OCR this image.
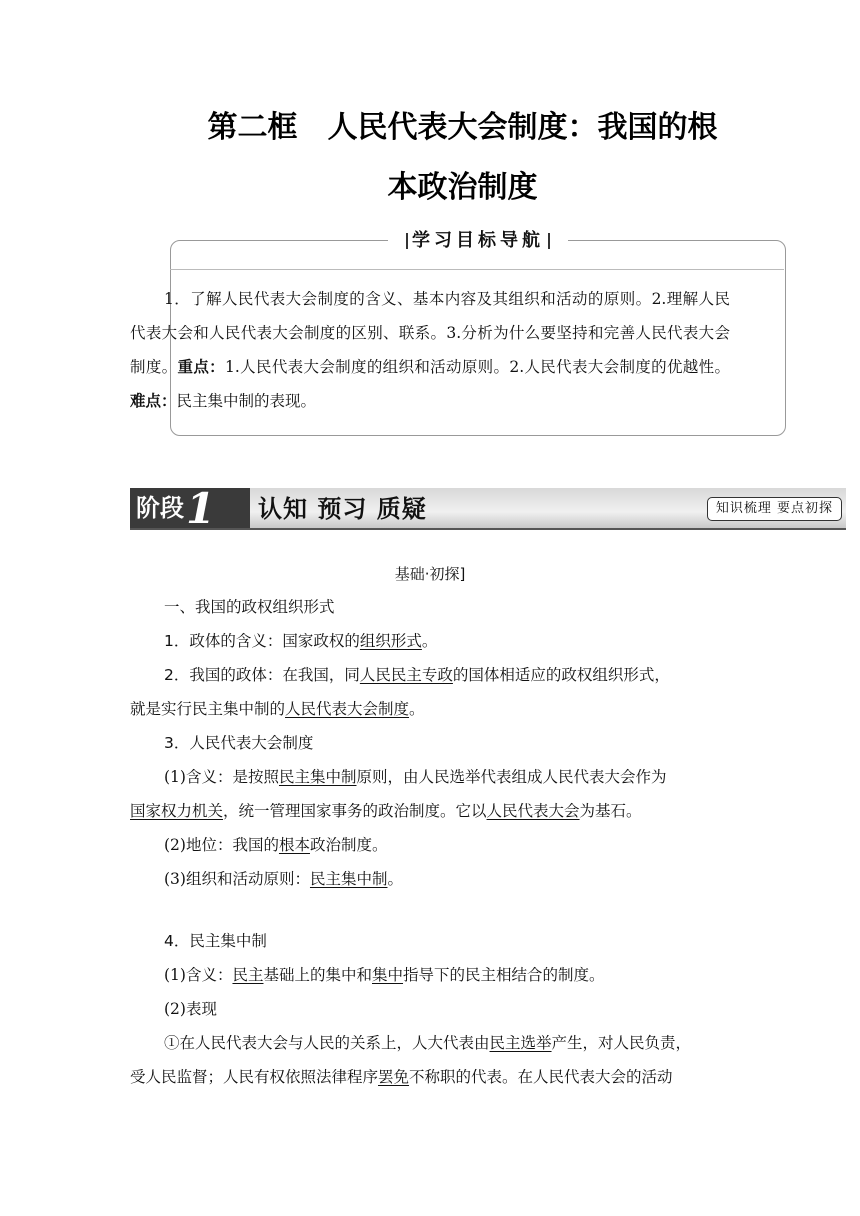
第二框　人民代表大会制度：我国的根
本政治制度
学习目标导航
1．了解人民代表大会制度的含义、基本内容及其组织和活动的原则。2.理解人民代表大会和人民代表大会制度的区别、联系。3.分析为什么要坚持和完善人民代表大会制度。重点：1.人民代表大会制度的组织和活动原则。2.人民代表大会制度的优越性。难点：民主集中制的表现。
阶段1	认知 预习 质疑	知识梳理 要点初探
基础·初探]
一、我国的政权组织形式
1．政体的含义：国家政权的组织形式。
2．我国的政体：在我国，同人民民主专政的国体相适应的政权组织形式，
就是实行民主集中制的人民代表大会制度。
3．人民代表大会制度
(1)含义：是按照民主集中制原则，由人民选举代表组成人民代表大会作为
国家权力机关，统一管理国家事务的政治制度。它以人民代表大会为基石。
(2)地位：我国的根本政治制度。
(3)组织和活动原则：民主集中制。
4．民主集中制
(1)含义：民主基础上的集中和集中指导下的民主相结合的制度。
(2)表现
①在人民代表大会与人民的关系上，人大代表由民主选举产生，对人民负责，
受人民监督；人民有权依照法律程序罢免不称职的代表。在人民代表大会的活动
